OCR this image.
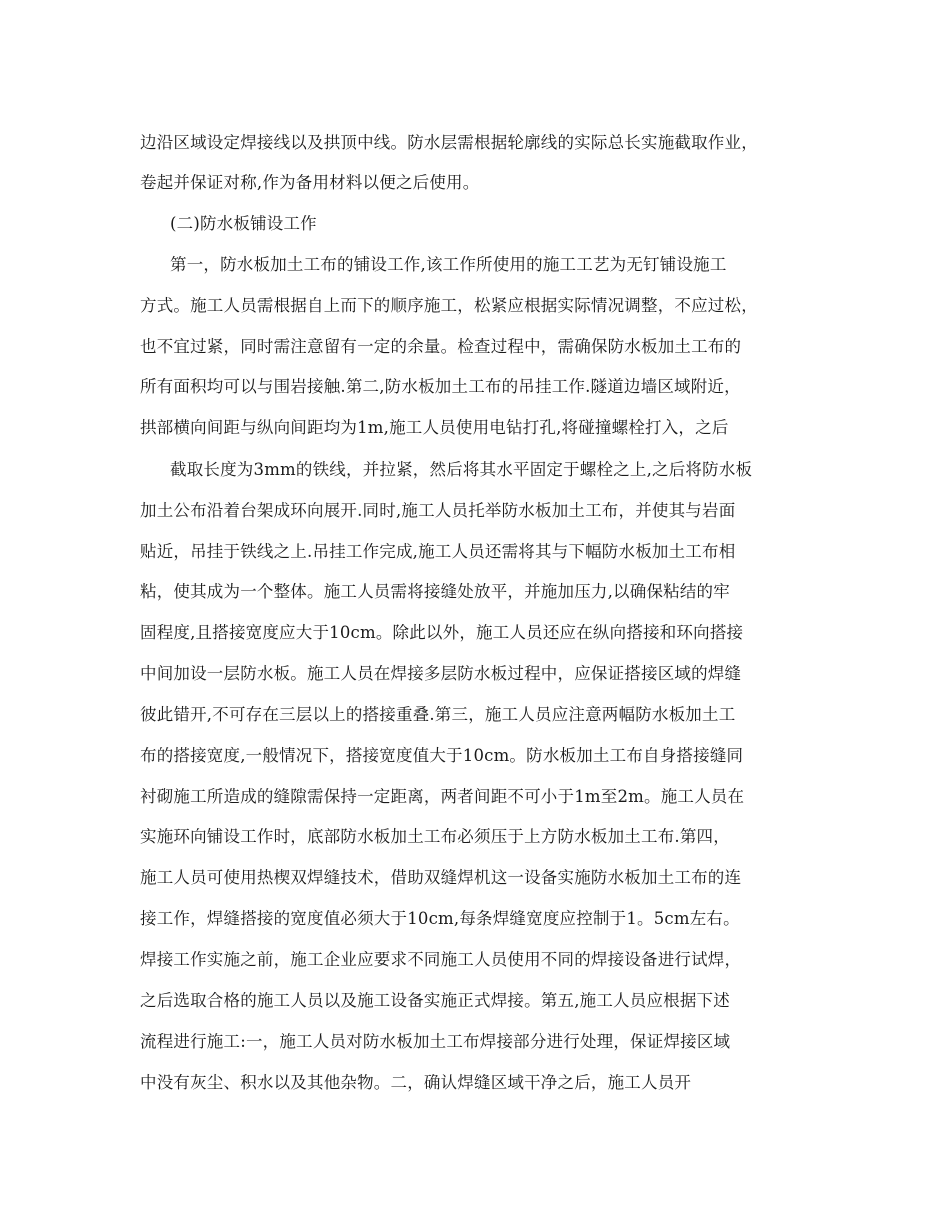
边沿区域设定焊接线以及拱顶中线。防水层需根据轮廓线的实际总长实施截取作业，
卷起并保证对称,作为备用材料以便之后使用。
(二)防水板铺设工作
第一，防水板加土工布的铺设工作,该工作所使用的施工工艺为无钉铺设施工
方式。施工人员需根据自上而下的顺序施工，松紧应根据实际情况调整，不应过松，
也不宜过紧，同时需注意留有一定的余量。检查过程中，需确保防水板加土工布的
所有面积均可以与围岩接触.第二,防水板加土工布的吊挂工作.隧道边墙区域附近，
拱部横向间距与纵向间距均为1m,施工人员使用电钻打孔,将碰撞螺栓打入，之后
截取长度为3mm的铁线，并拉紧，然后将其水平固定于螺栓之上,之后将防水板
加土公布沿着台架成环向展开.同时,施工人员托举防水板加土工布，并使其与岩面
贴近，吊挂于铁线之上.吊挂工作完成,施工人员还需将其与下幅防水板加土工布相
粘，使其成为一个整体。施工人员需将接缝处放平，并施加压力,以确保粘结的牢
固程度,且搭接宽度应大于10cm。除此以外，施工人员还应在纵向搭接和环向搭接
中间加设一层防水板。施工人员在焊接多层防水板过程中，应保证搭接区域的焊缝
彼此错开,不可存在三层以上的搭接重叠.第三，施工人员应注意两幅防水板加土工
布的搭接宽度,一般情况下，搭接宽度值大于10cm。防水板加土工布自身搭接缝同
衬砌施工所造成的缝隙需保持一定距离，两者间距不可小于1m至2m。施工人员在
实施环向铺设工作时，底部防水板加土工布必须压于上方防水板加土工布.第四，
施工人员可使用热楔双焊缝技术，借助双缝焊机这一设备实施防水板加土工布的连
接工作，焊缝搭接的宽度值必须大于10cm,每条焊缝宽度应控制于1。5cm左右。
焊接工作实施之前，施工企业应要求不同施工人员使用不同的焊接设备进行试焊，
之后选取合格的施工人员以及施工设备实施正式焊接。第五,施工人员应根据下述
流程进行施工:一，施工人员对防水板加土工布焊接部分进行处理，保证焊接区域
中没有灰尘、积水以及其他杂物。二，确认焊缝区域干净之后，施工人员开
